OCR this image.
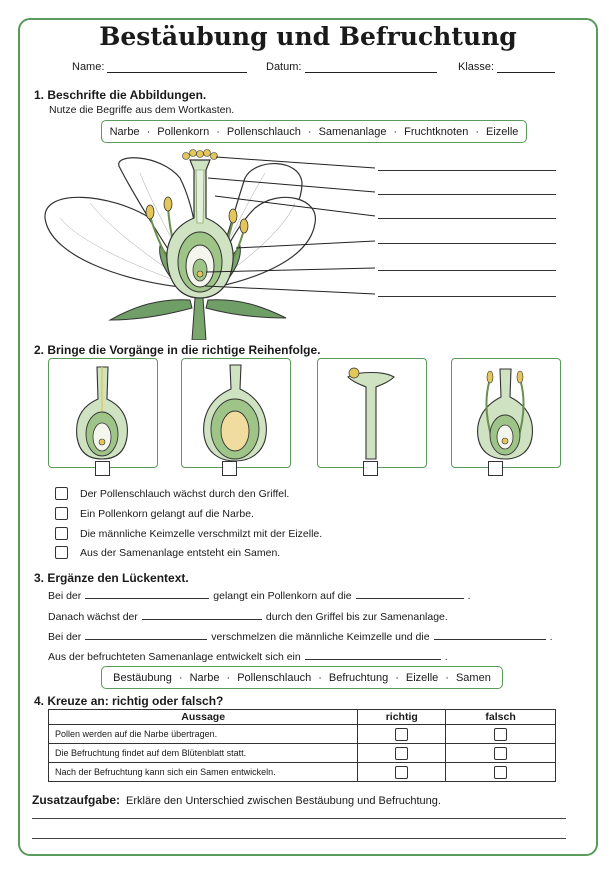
Bestäubung und Befruchtung
Name:	Datum:	Klasse:
1. Beschrifte die Abbildungen.
Nutze die Begriffe aus dem Wortkasten.
Narbe · Pollenkorn · Pollenschlauch · Samenanlage · Fruchtknoten · Eizelle
2. Bringe die Vorgänge in die richtige Reihenfolge.
Der Pollenschlauch wächst durch den Griffel.
Ein Pollenkorn gelangt auf die Narbe.
Die männliche Keimzelle verschmilzt mit der Eizelle.
Aus der Samenanlage entsteht ein Samen.
3. Ergänze den Lückentext.
Bei der	gelangt ein Pollenkorn auf die	.
Danach wächst der	durch den Griffel bis zur Samenanlage.
Bei der	verschmelzen die männliche Keimzelle und die	.
Aus der befruchteten Samenanlage entwickelt sich ein	.
Bestäubung · Narbe · Pollenschlauch · Befruchtung · Eizelle · Samen
4. Kreuze an: richtig oder falsch?
Aussage	richtig	falsch
Pollen werden auf die Narbe übertragen.		
Die Befruchtung findet auf dem Blütenblatt statt.		
Nach der Befruchtung kann sich ein Samen entwickeln.		
Zusatzaufgabe: Erkläre den Unterschied zwischen Bestäubung und Befruchtung.
